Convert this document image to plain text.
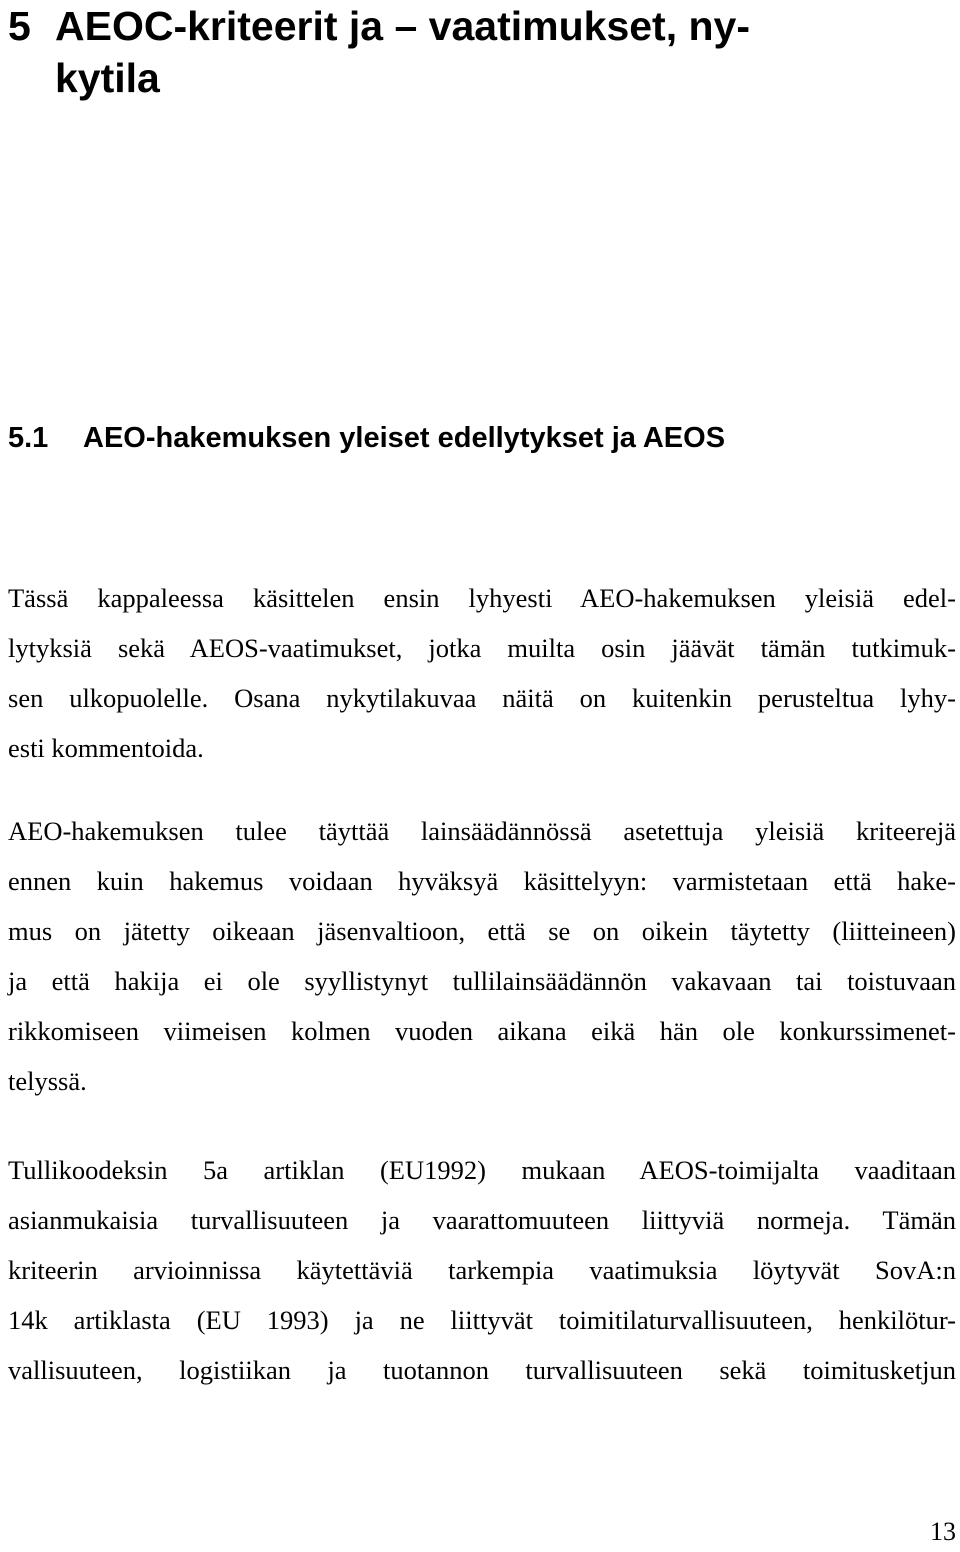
5 AEOC-kriteerit ja – vaatimukset, ny-
kytila
5.1 AEO-hakemuksen yleiset edellytykset ja AEOS

Tässä kappaleessa käsittelen ensin lyhyesti AEO-hakemuksen yleisiä edel-
lytyksiä sekä AEOS-vaatimukset, jotka muilta osin jäävät tämän tutkimuk-
sen ulkopuolelle. Osana nykytilakuvaa näitä on kuitenkin perusteltua lyhy-
esti kommentoida.

AEO-hakemuksen tulee täyttää lainsäädännössä asetettuja yleisiä kriteerejä
ennen kuin hakemus voidaan hyväksyä käsittelyyn: varmistetaan että hake-
mus on jätetty oikeaan jäsenvaltioon, että se on oikein täytetty (liitteineen)
ja että hakija ei ole syyllistynyt tullilainsäädännön vakavaan tai toistuvaan
rikkomiseen viimeisen kolmen vuoden aikana eikä hän ole konkurssimenet-
telyssä.

Tullikoodeksin 5a artiklan (EU1992) mukaan AEOS-toimijalta vaaditaan
asianmukaisia turvallisuuteen ja vaarattomuuteen liittyviä normeja. Tämän
kriteerin arvioinnissa käytettäviä tarkempia vaatimuksia löytyvät SovA:n
14k artiklasta (EU 1993) ja ne liittyvät toimitilaturvallisuuteen, henkilötur-
vallisuuteen, logistiikan ja tuotannon turvallisuuteen sekä toimitusketjun

13
